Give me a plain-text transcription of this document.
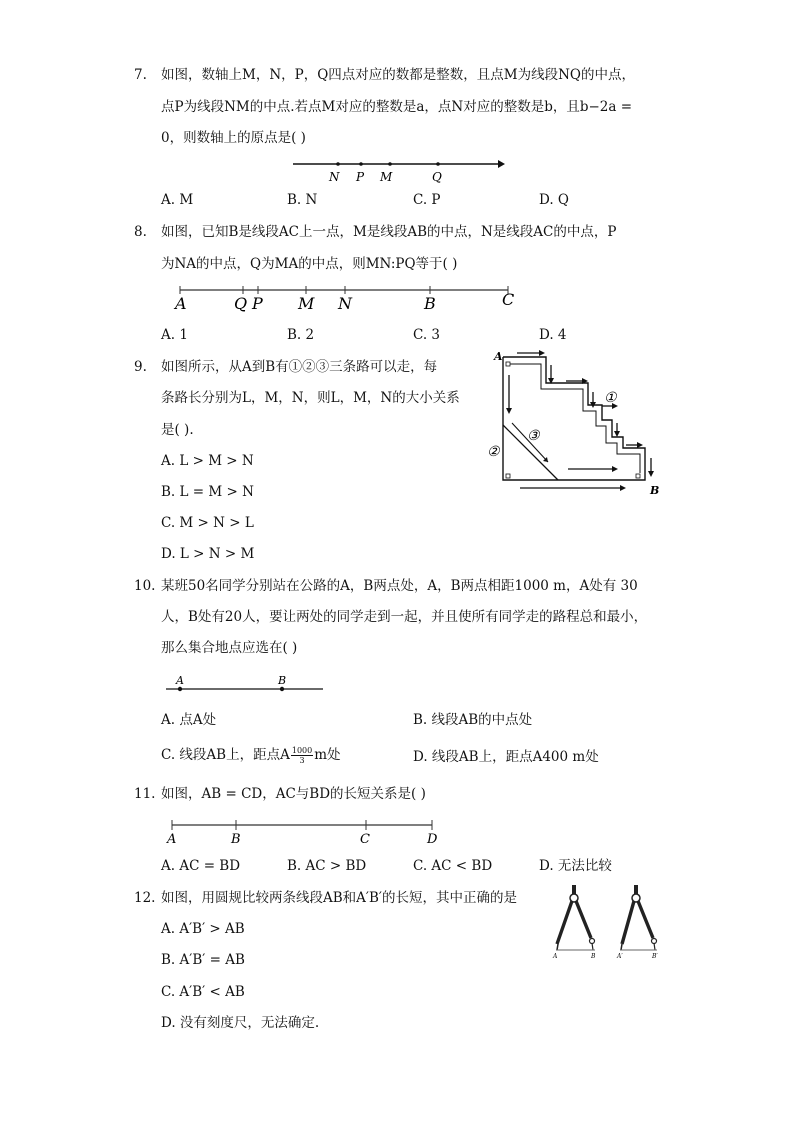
7. 如图，数轴上M，N，P，Q四点对应的数都是整数，且点M为线段NQ的中点，
点P为线段NM的中点.若点M对应的整数是a，点N对应的整数是b，且b−2a =
0，则数轴上的原点是( )
N P M	Q
A. M	B. N	C. P	D. Q
8. 如图，已知B是线段AC上一点，M是线段AB的中点，N是线段AC的中点，P
为NA的中点，Q为MA的中点，则MN:PQ等于( )
A	Q P M N	B	C
A. 1	B. 2	C. 3	D. 4
9. 如图所示，从A到B有①②③三条路可以走，每
条路长分别为L，M，N，则L，M，N的大小关系
是( ).
A
B
①
②
③
A. L > M > N
B. L = M > N
C. M > N > L
D. L > N > M
10. 某班50名同学分别站在公路的A，B两点处，A，B两点相距1000 m，A处有 30
人，B处有20人，要让两处的同学走到一起，并且使所有同学走的路程总和最小，
那么集合地点应选在( )
A	B
A. 点A处	B. 线段AB的中点处
C. 线段AB上，距点A $\frac{1000}{3}$ m处	D. 线段AB上，距点A400 m处
11. 如图，AB = CD，AC与BD的长短关系是( )
A	B	C	D
A. AC = BD	B. AC > BD	C. AC < BD	D. 无法比较
12. 如图，用圆规比较两条线段AB和A′B′的长短，其中正确的是
A	B	A′	B′
A. A′B′ > AB
B. A′B′ = AB
C. A′B′ < AB
D. 没有刻度尺，无法确定.
